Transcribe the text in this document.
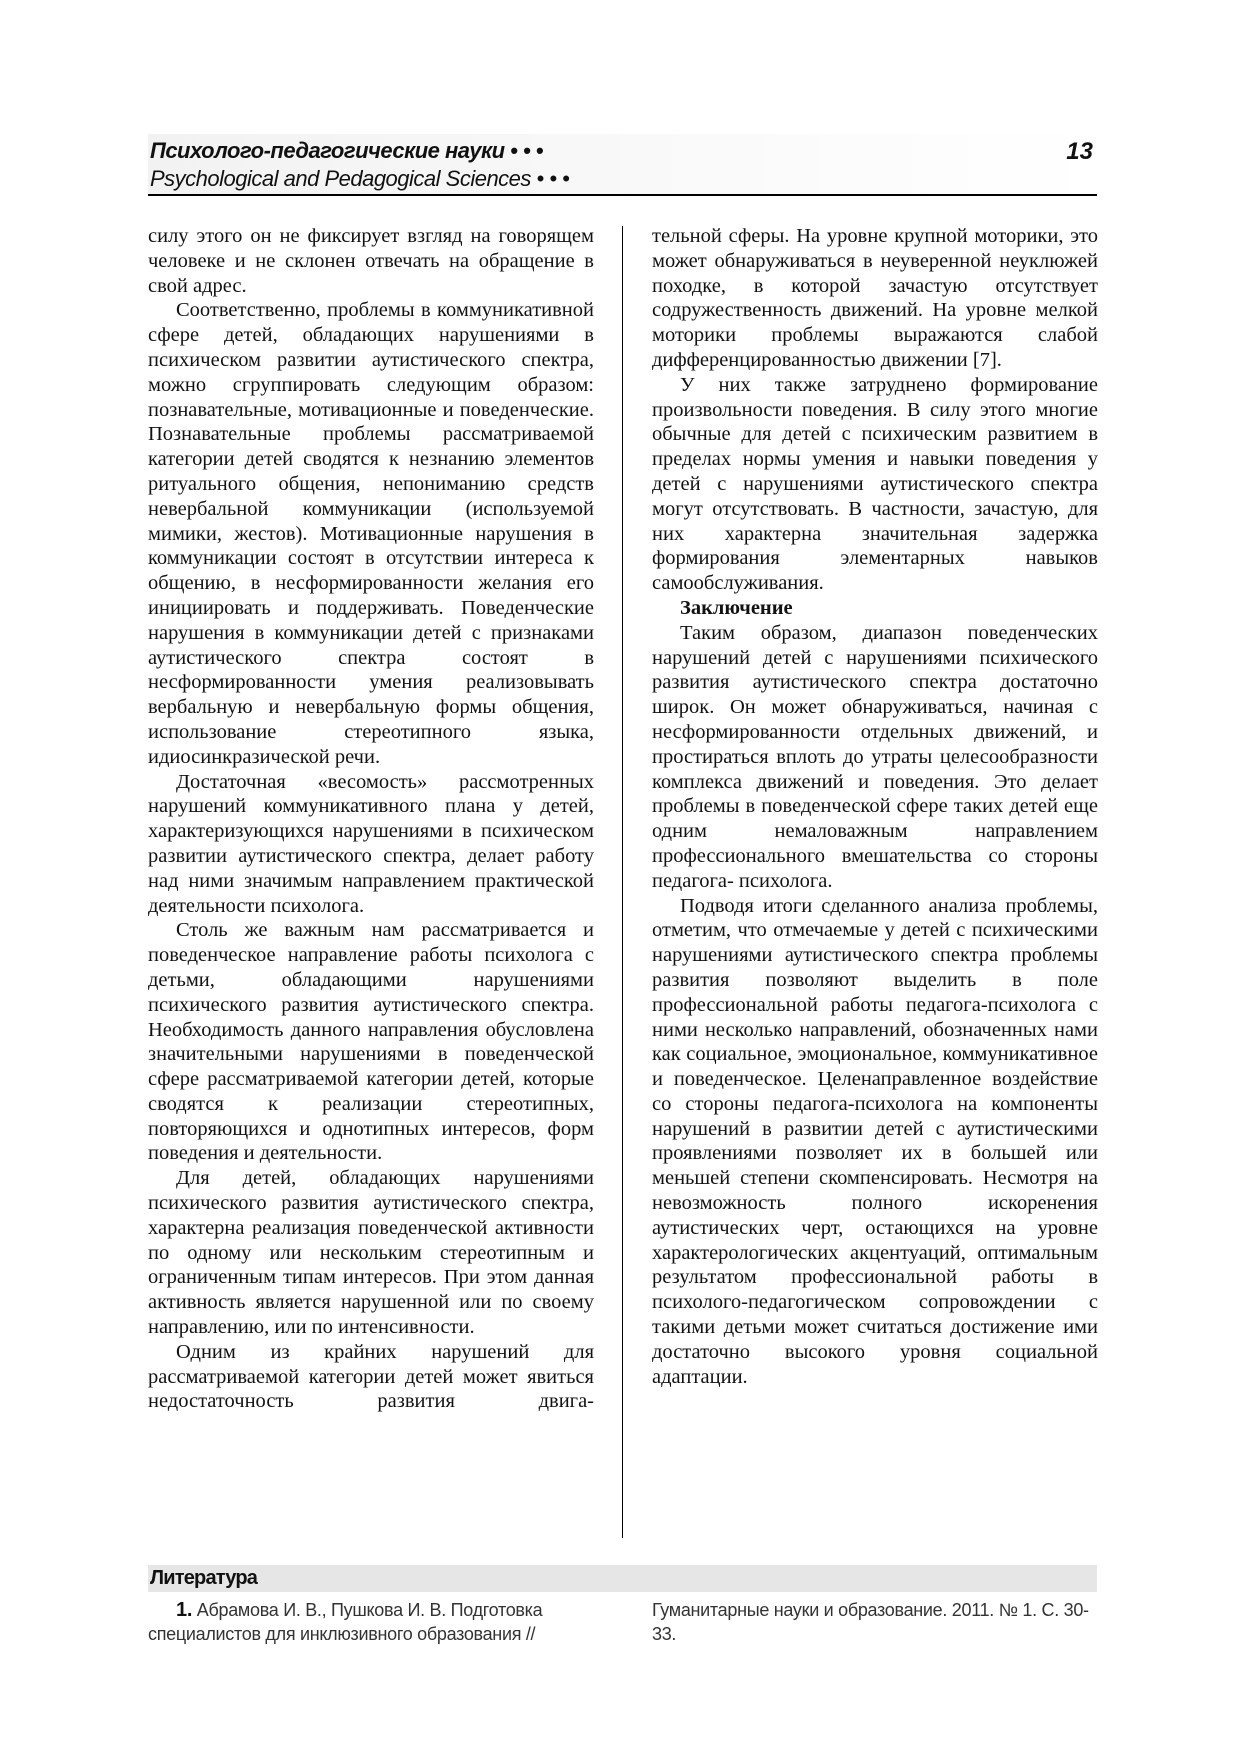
Психолого-педагогические науки • • •
Psychological and Pedagogical Sciences • • •
13

силу этого он не фиксирует взгляд на говорящем человеке и не склонен отвечать на обращение в свой адрес.

Соответственно, проблемы в коммуникативной сфере детей, обладающих нарушениями в психическом развитии аутистического спектра, можно сгруппировать следующим образом: познавательные, мотивационные и поведенческие. Познавательные проблемы рассматриваемой категории детей сводятся к незнанию элементов ритуального общения, непониманию средств невербальной коммуникации (используемой мимики, жестов). Мотивационные нарушения в коммуникации состоят в отсутствии интереса к общению, в несформированности желания его инициировать и поддерживать. Поведенческие нарушения в коммуникации детей с признаками аутистического спектра состоят в несформированности умения реализовывать вербальную и невербальную формы общения, использование стереотипного языка, идиосинкразической речи.

Достаточная «весомость» рассмотренных нарушений коммуникативного плана у детей, характеризующихся нарушениями в психическом развитии аутистического спектра, делает работу над ними значимым направлением практической деятельности психолога.

Столь же важным нам рассматривается и поведенческое направление работы психолога с детьми, обладающими нарушениями психического развития аутистического спектра. Необходимость данного направления обусловлена значительными нарушениями в поведенческой сфере рассматриваемой категории детей, которые сводятся к реализации стереотипных, повторяющихся и однотипных интересов, форм поведения и деятельности.

Для детей, обладающих нарушениями психического развития аутистического спектра, характерна реализация поведенческой активности по одному или нескольким стереотипным и ограниченным типам интересов. При этом данная активность является нарушенной или по своему направлению, или по интенсивности.

Одним из крайних нарушений для рассматриваемой категории детей может явиться недостаточность развития двига-

тельной сферы. На уровне крупной моторики, это может обнаруживаться в неуверенной неуклюжей походке, в которой зачастую отсутствует содружественность движений. На уровне мелкой моторики проблемы выражаются слабой дифференцированностью движении [7].

У них также затруднено формирование произвольности поведения. В силу этого многие обычные для детей с психическим развитием в пределах нормы умения и навыки поведения у детей с нарушениями аутистического спектра могут отсутствовать. В частности, зачастую, для них характерна значительная задержка формирования элементарных навыков самообслуживания.

Заключение

Таким образом, диапазон поведенческих нарушений детей с нарушениями психического развития аутистического спектра достаточно широк. Он может обнаруживаться, начиная с несформированности отдельных движений, и простираться вплоть до утраты целесообразности комплекса движений и поведения. Это делает проблемы в поведенческой сфере таких детей еще одним немаловажным направлением профессионального вмешательства со стороны педагога- психолога.

Подводя итоги сделанного анализа проблемы, отметим, что отмечаемые у детей с психическими нарушениями аутистического спектра проблемы развития позволяют выделить в поле профессиональной работы педагога-психолога с ними несколько направлений, обозначенных нами как социальное, эмоциональное, коммуникативное и поведенческое. Целенаправленное воздействие со стороны педагога-психолога на компоненты нарушений в развитии детей с аутистическими проявлениями позволяет их в большей или меньшей степени скомпенсировать. Несмотря на невозможность полного искоренения аутистических черт, остающихся на уровне характерологических акцентуаций, оптимальным результатом профессиональной работы в психолого-педагогическом сопровождении с такими детьми может считаться достижение ими достаточно высокого уровня социальной адаптации.

Литература
1. Абрамова И. В., Пушкова И. В. Подготовка специалистов для инклюзивного образования //
Гуманитарные науки и образование. 2011. № 1. С. 30-33.
